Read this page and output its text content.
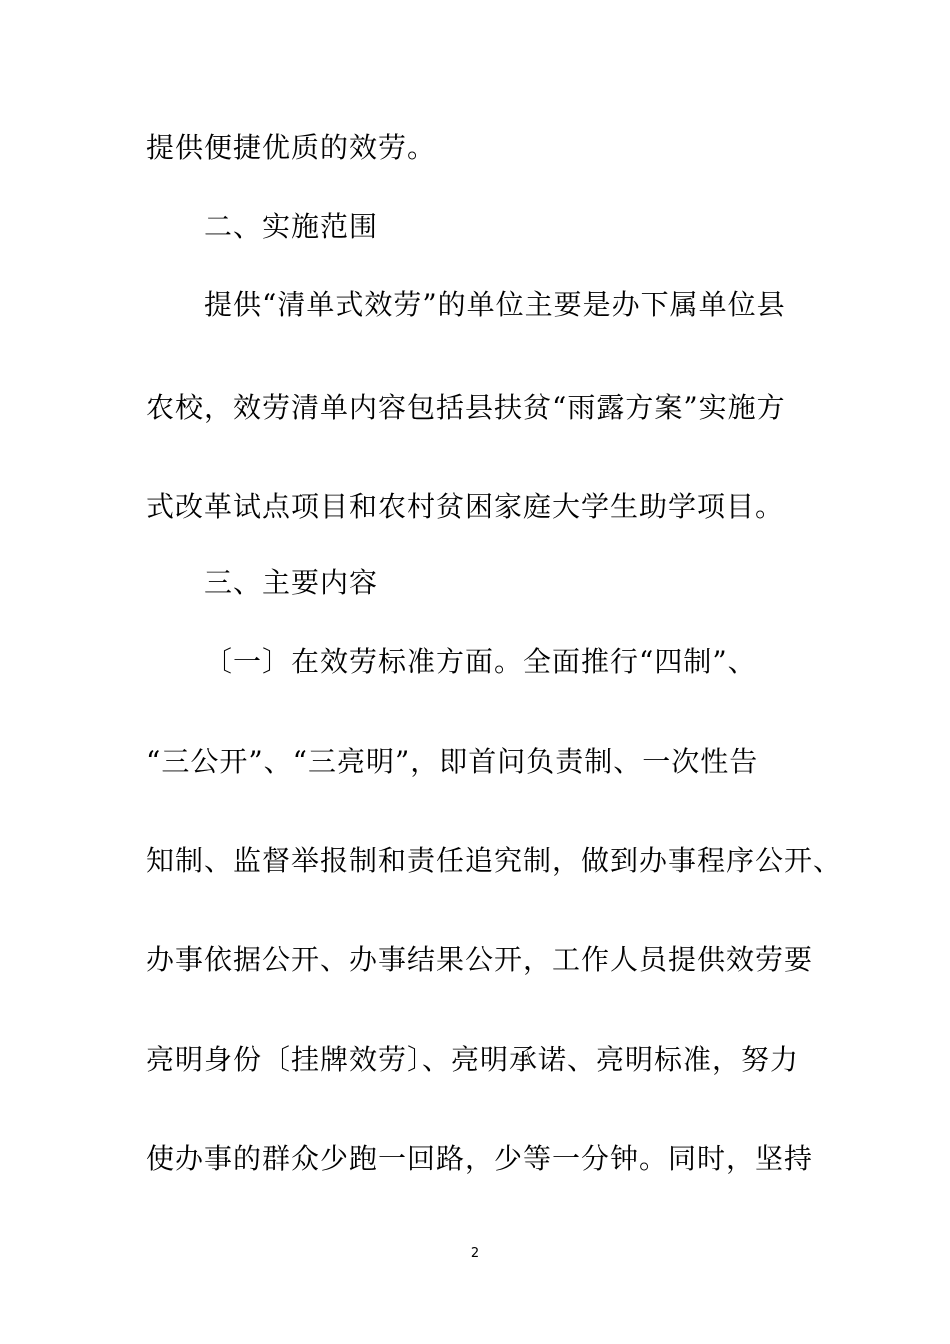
提供便捷优质的效劳。
二、实施范围
提供“清单式效劳”的单位主要是办下属单位县
农校，效劳清单内容包括县扶贫“雨露方案”实施方
式改革试点项目和农村贫困家庭大学生助学项目。
三、主要内容
〔一〕在效劳标准方面。全面推行“四制”、
“三公开”、“三亮明”，即首问负责制、一次性告
知制、监督举报制和责任追究制，做到办事程序公开、
办事依据公开、办事结果公开，工作人员提供效劳要
亮明身份〔挂牌效劳〕、亮明承诺、亮明标准，努力
使办事的群众少跑一回路，少等一分钟。同时，坚持
2
